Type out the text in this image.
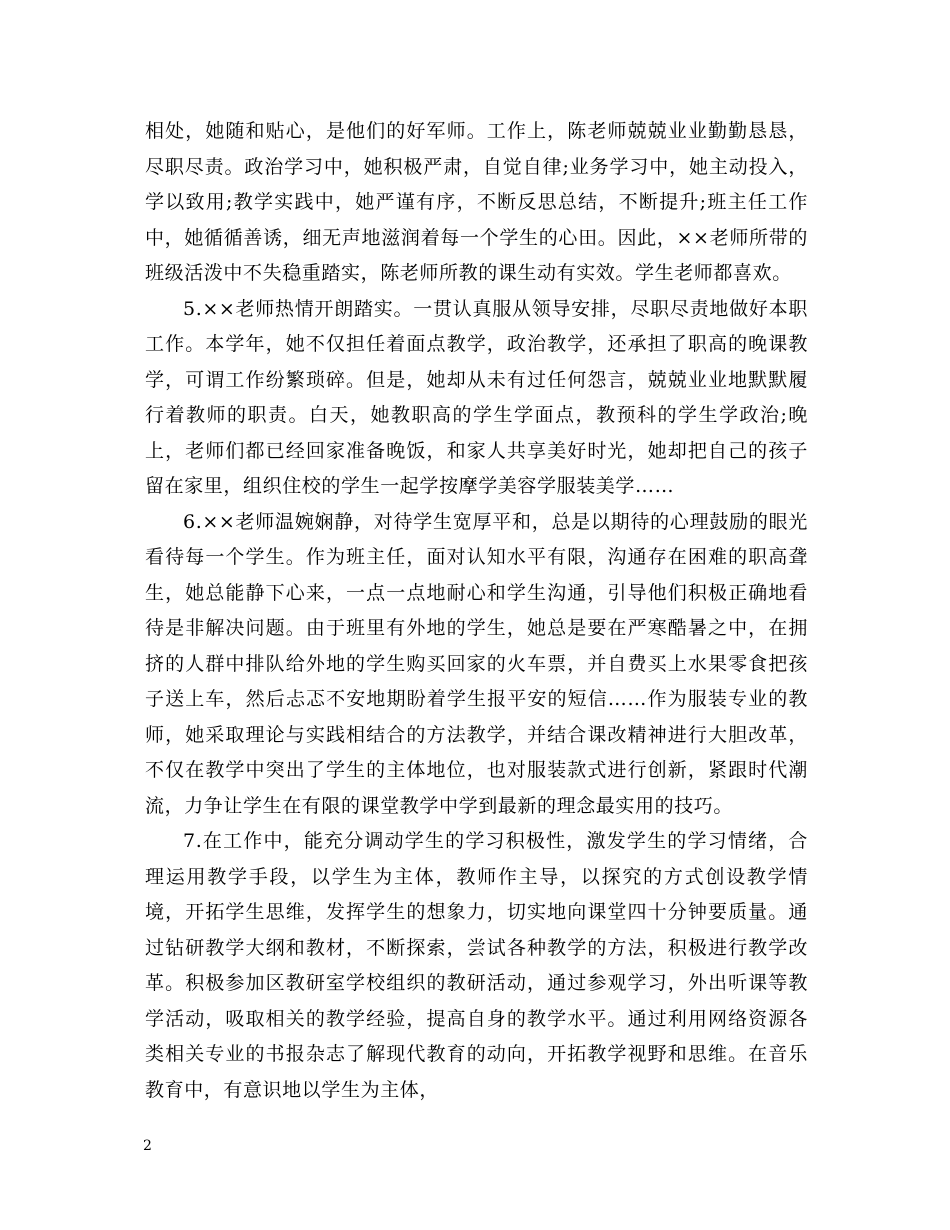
相处，她随和贴心，是他们的好军师。工作上，陈老师兢兢业业勤勤恳恳，尽职尽责。政治学习中，她积极严肃，自觉自律;业务学习中，她主动投入，学以致用;教学实践中，她严谨有序，不断反思总结，不断提升;班主任工作中，她循循善诱，细无声地滋润着每一个学生的心田。因此，××老师所带的班级活泼中不失稳重踏实，陈老师所教的课生动有实效。学生老师都喜欢。

5.××老师热情开朗踏实。一贯认真服从领导安排，尽职尽责地做好本职工作。本学年，她不仅担任着面点教学，政治教学，还承担了职高的晚课教学，可谓工作纷繁琐碎。但是，她却从未有过任何怨言，兢兢业业地默默履行着教师的职责。白天，她教职高的学生学面点，教预科的学生学政治;晚上，老师们都已经回家准备晚饭，和家人共享美好时光，她却把自己的孩子留在家里，组织住校的学生一起学按摩学美容学服装美学……

6.××老师温婉娴静，对待学生宽厚平和，总是以期待的心理鼓励的眼光看待每一个学生。作为班主任，面对认知水平有限，沟通存在困难的职高聋生，她总能静下心来，一点一点地耐心和学生沟通，引导他们积极正确地看待是非解决问题。由于班里有外地的学生，她总是要在严寒酷暑之中，在拥挤的人群中排队给外地的学生购买回家的火车票，并自费买上水果零食把孩子送上车，然后忐忑不安地期盼着学生报平安的短信……作为服装专业的教师，她采取理论与实践相结合的方法教学，并结合课改精神进行大胆改革，不仅在教学中突出了学生的主体地位，也对服装款式进行创新，紧跟时代潮流，力争让学生在有限的课堂教学中学到最新的理念最实用的技巧。

7.在工作中，能充分调动学生的学习积极性，激发学生的学习情绪，合理运用教学手段，以学生为主体，教师作主导，以探究的方式创设教学情境，开拓学生思维，发挥学生的想象力，切实地向课堂四十分钟要质量。通过钻研教学大纲和教材，不断探索，尝试各种教学的方法，积极进行教学改革。积极参加区教研室学校组织的教研活动，通过参观学习，外出听课等教学活动，吸取相关的教学经验，提高自身的教学水平。通过利用网络资源各类相关专业的书报杂志了解现代教育的动向，开拓教学视野和思维。在音乐教育中，有意识地以学生为主体，

2
